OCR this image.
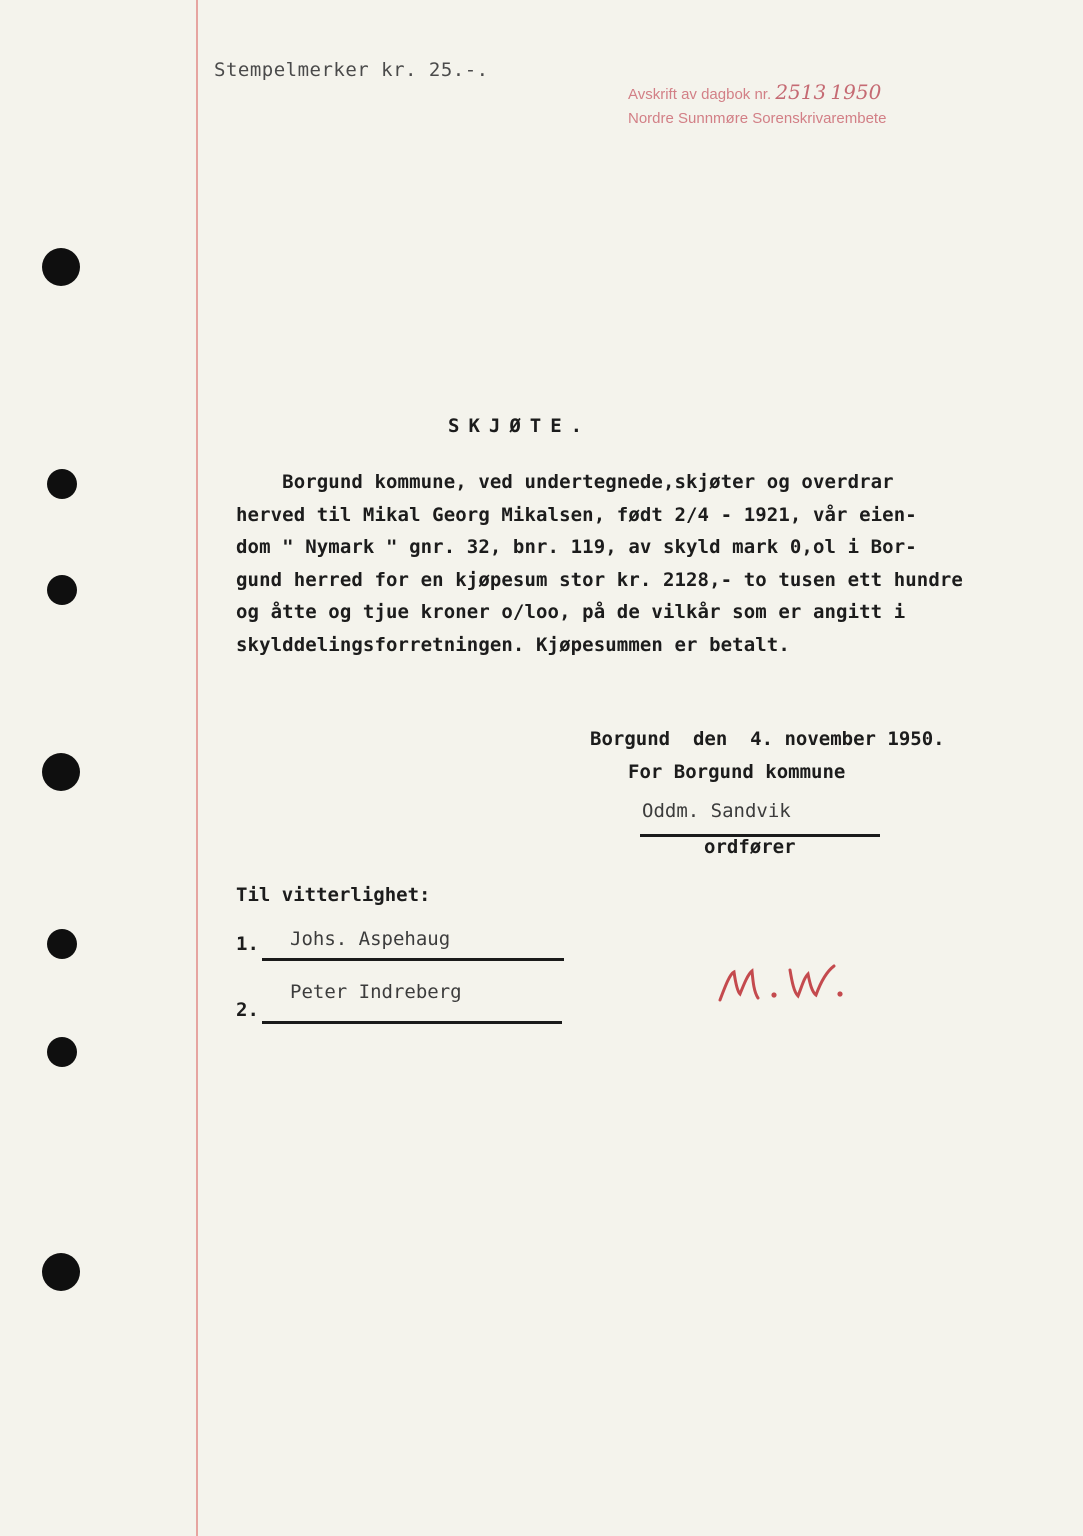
Stempelmerker kr. 25.-.
Avskrift av dagbok nr. 2513 1950
Nordre Sunnmøre Sorenskrivarembete
SKJØTE.
Borgund kommune, ved undertegnede,skjøter og overdrar
herved til Mikal Georg Mikalsen, født 2/4 - 1921, vår eien-
dom " Nymark " gnr. 32, bnr. 119, av skyld mark 0,ol i Bor-
gund herred for en kjøpesum stor kr. 2128,- to tusen ett hundre
og åtte og tjue kroner o/loo, på de vilkår som er angitt i
skylddelingsforretningen. Kjøpesummen er betalt.
Borgund  den  4. november 1950.
For Borgund kommune
Oddm. Sandvik
ordfører
Til vitterlighet:
Johs. Aspehaug
1.
Peter Indreberg
2.
